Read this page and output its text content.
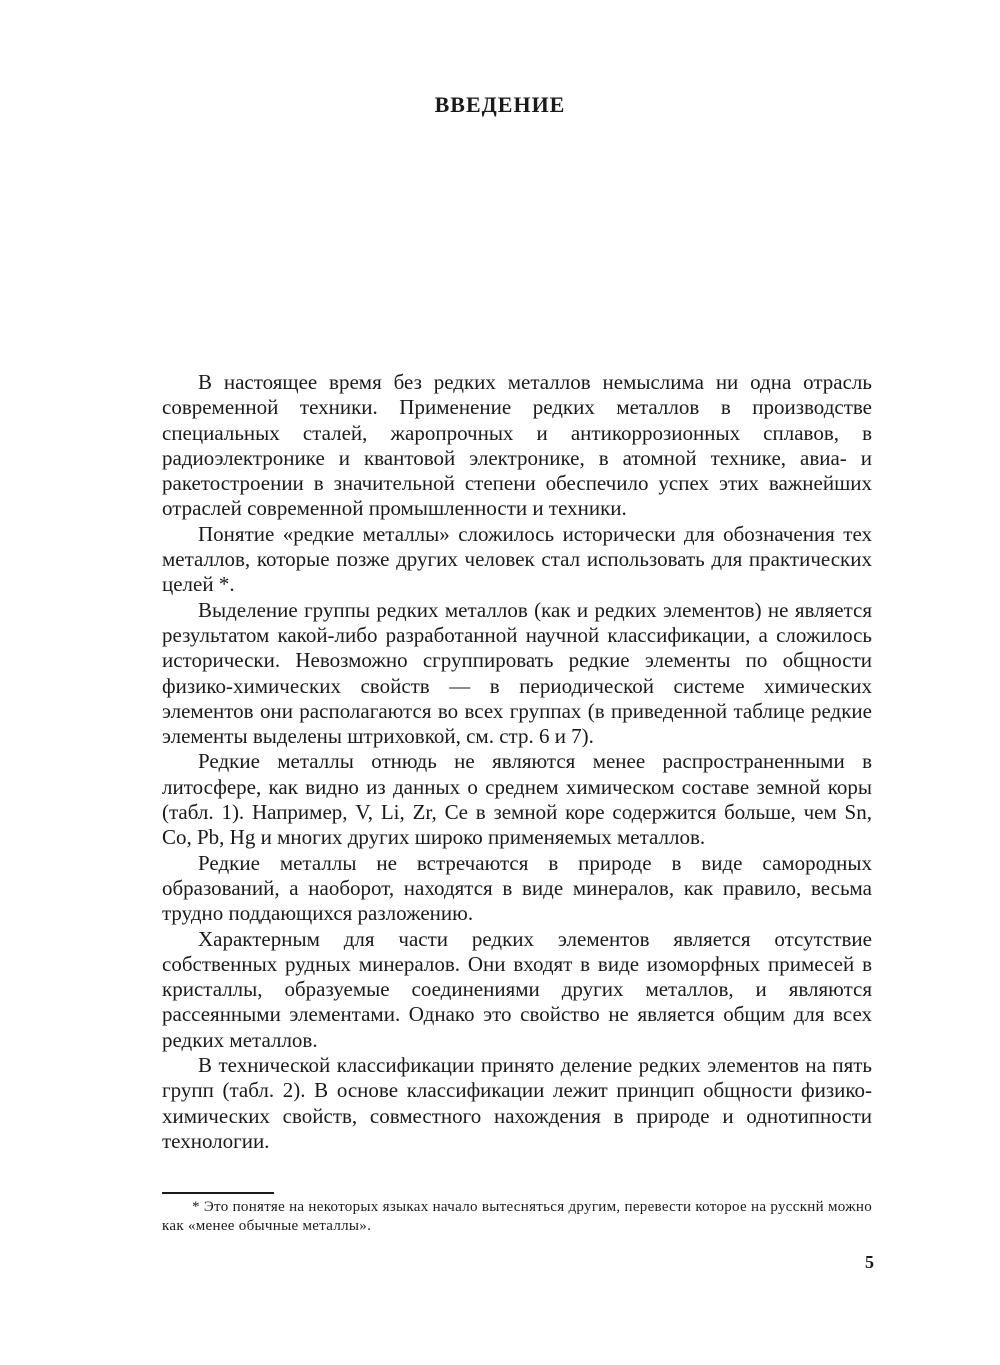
ВВЕДЕНИЕ

В настоящее время без редких металлов немыслима ни одна отрасль современной техники. Применение редких металлов в производстве специальных сталей, жаропрочных и антикоррозионных сплавов, в радиоэлектронике и квантовой электронике, в атомной технике, авиа- и ракетостроении в значительной степени обеспечило успех этих важнейших отраслей современной промышленности и техники.

Понятие «редкие металлы» сложилось исторически для обозначения тех металлов, которые позже других человек стал использовать для практических целей *.

Выделение группы редких металлов (как и редких элементов) не является результатом какой-либо разработанной научной классификации, а сложилось исторически. Невозможно сгруппировать редкие элементы по общности физико-химических свойств — в периодической системе химических элементов они располагаются во всех группах (в приведенной таблице редкие элементы выделены штриховкой, см. стр. 6 и 7).

Редкие металлы отнюдь не являются менее распространенными в литосфере, как видно из данных о среднем химическом составе земной коры (табл. 1). Например, V, Li, Zr, Ce в земной коре содержится больше, чем Sn, Co, Pb, Hg и многих других широко применяемых металлов.

Редкие металлы не встречаются в природе в виде самородных образований, а наоборот, находятся в виде минералов, как правило, весьма трудно поддающихся разложению.

Характерным для части редких элементов является отсутствие собственных рудных минералов. Они входят в виде изоморфных примесей в кристаллы, образуемые соединениями других металлов, и являются рассеянными элементами. Однако это свойство не является общим для всех редких металлов.

В технической классификации принято деление редких элементов на пять групп (табл. 2). В основе классификации лежит принцип общности физико-химических свойств, совместного нахождения в природе и однотипности технологии.

* Это понятяе на некоторых языках начало вытесняться другим, перевести которое на русскнй можно как «менее обычные металлы».

5
